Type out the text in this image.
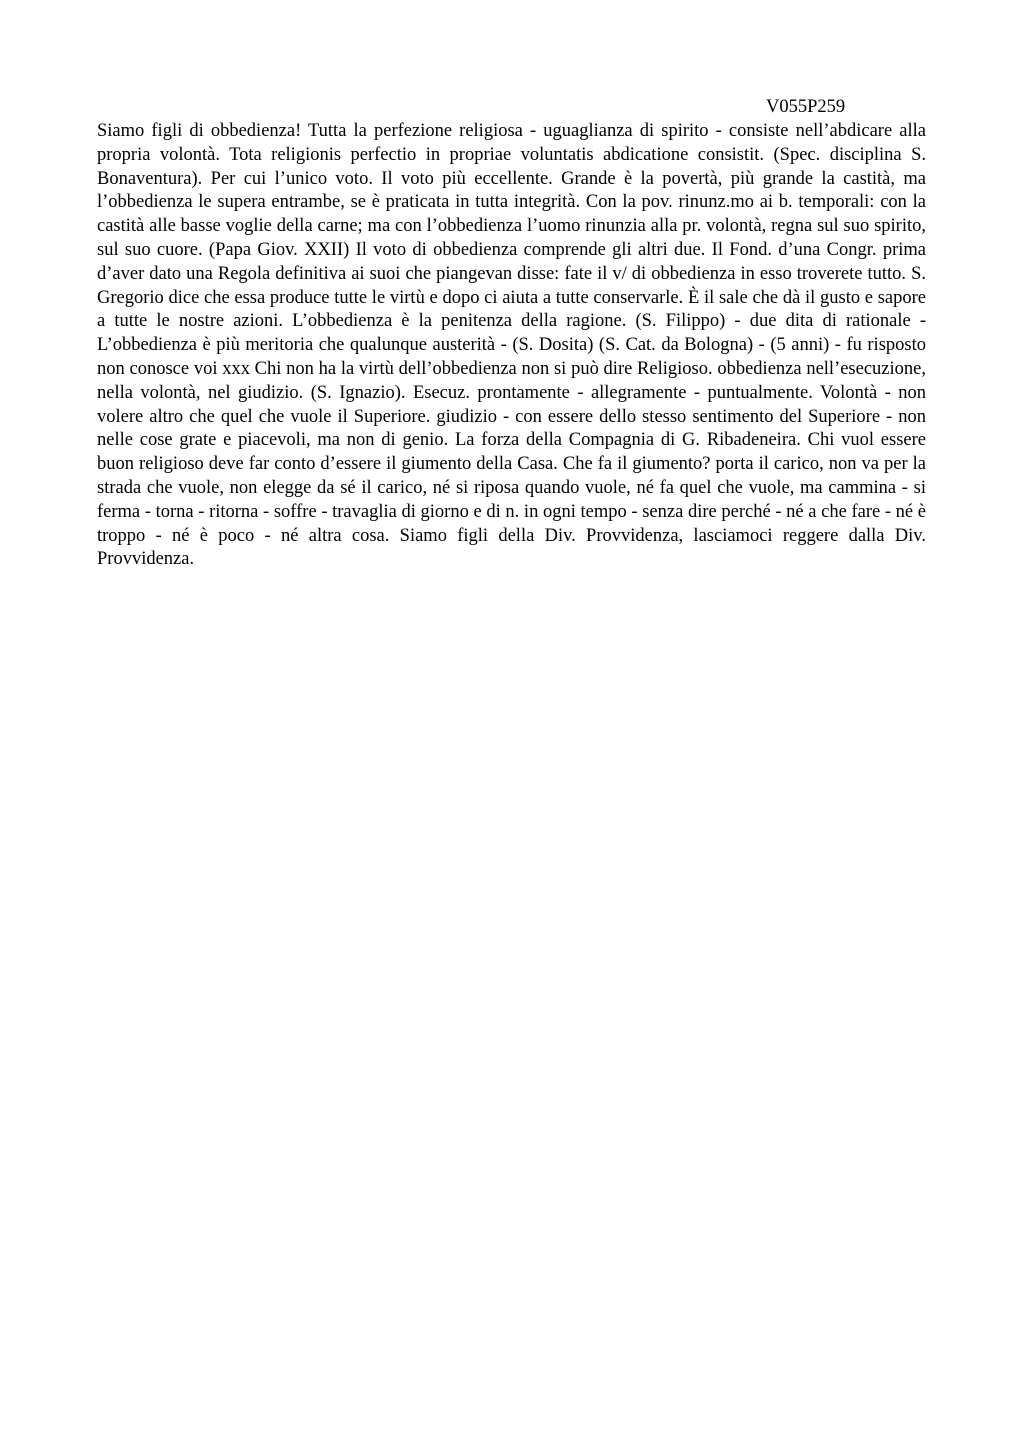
V055P259

Siamo figli di obbedienza! Tutta la perfezione religiosa - uguaglianza di spirito - consiste nell’abdicare alla propria volontà. Tota religionis perfectio in propriae voluntatis abdicatione consistit. (Spec. disciplina S. Bonaventura). Per cui l’unico voto. Il voto più eccellente. Grande è la povertà, più grande la castità, ma l’obbedienza le supera entrambe, se è praticata in tutta integrità. Con la pov. rinunz.mo ai b. temporali: con la castità alle basse voglie della carne; ma con l’obbedienza l’uomo rinunzia alla pr. volontà, regna sul suo spirito, sul suo cuore. (Papa Giov. XXII) Il voto di obbedienza comprende gli altri due. Il Fond. d’una Congr. prima d’aver dato una Regola definitiva ai suoi che piangevan disse: fate il v/ di obbedienza in esso troverete tutto. S. Gregorio dice che essa produce tutte le virtù e dopo ci aiuta a tutte conservarle. È il sale che dà il gusto e sapore a tutte le nostre azioni. L’obbedienza è la penitenza della ragione. (S. Filippo) - due dita di rationale - L’obbedienza è più meritoria che qualunque austerità - (S. Dosita) (S. Cat. da Bologna) - (5 anni) - fu risposto non conosce voi xxx Chi non ha la virtù dell’obbedienza non si può dire Religioso. obbedienza nell’esecuzione, nella volontà, nel giudizio. (S. Ignazio). Esecuz. prontamente - allegramente - puntualmente. Volontà - non volere altro che quel che vuole il Superiore. giudizio - con essere dello stesso sentimento del Superiore - non nelle cose grate e piacevoli, ma non di genio. La forza della Compagnia di G. Ribadeneira. Chi vuol essere buon religioso deve far conto d’essere il giumento della Casa. Che fa il giumento? porta il carico, non va per la strada che vuole, non elegge da sé il carico, né si riposa quando vuole, né fa quel che vuole, ma cammina - si ferma - torna - ritorna - soffre - travaglia di giorno e di n. in ogni tempo - senza dire perché - né a che fare - né è troppo - né è poco - né altra cosa. Siamo figli della Div. Provvidenza, lasciamoci reggere dalla Div. Provvidenza.
